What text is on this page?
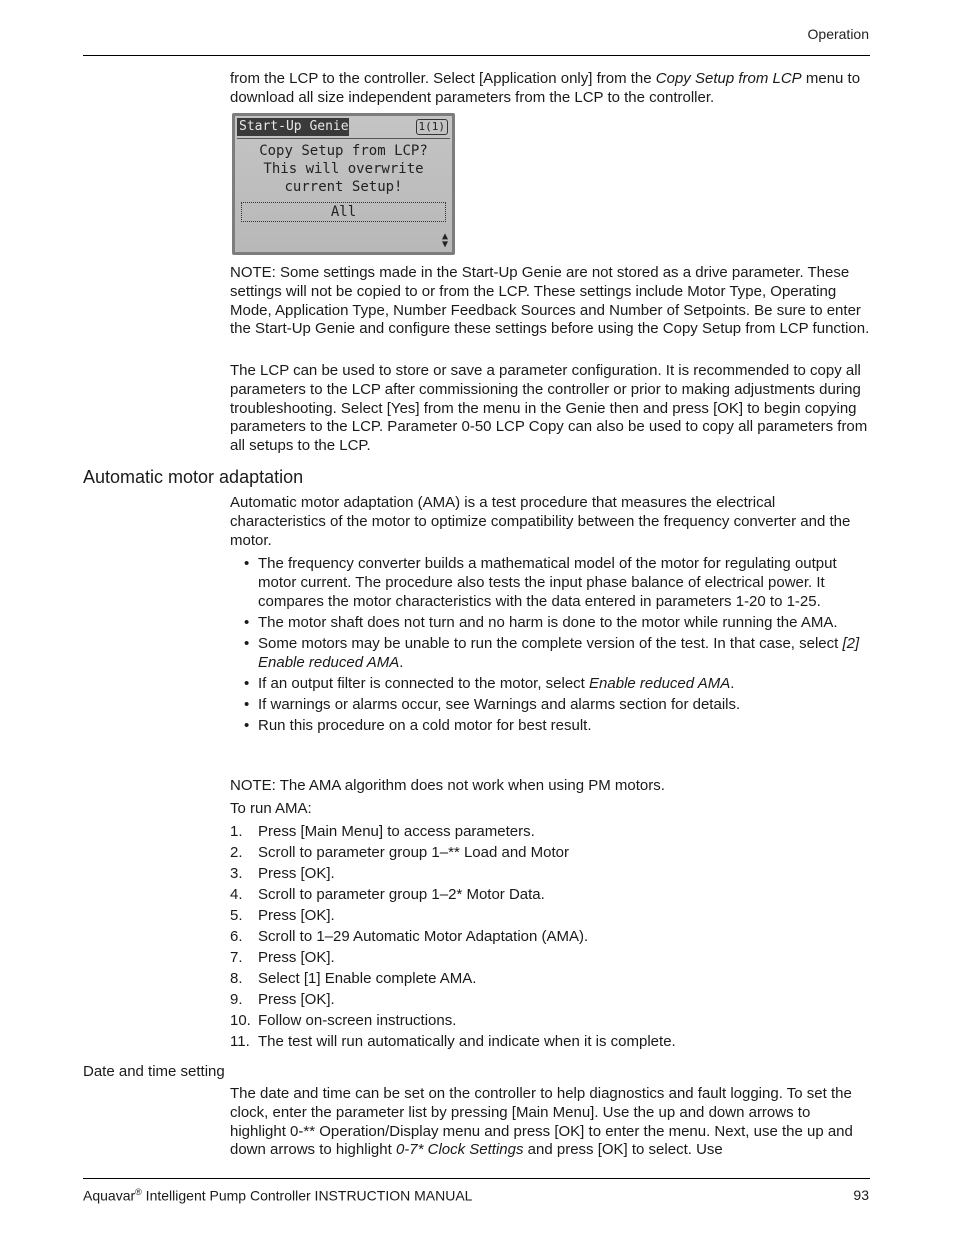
Operation

from the LCP to the controller. Select [Application only] from the Copy Setup from LCP menu to download all size independent parameters from the LCP to the controller.

Start-Up Genie	1(1)
Copy Setup from LCP?
This will overwrite
current Setup!
All
▲
▼

NOTE: Some settings made in the Start-Up Genie are not stored as a drive parameter. These settings will not be copied to or from the LCP. These settings include Motor Type, Operating Mode, Application Type, Number Feedback Sources and Number of Setpoints. Be sure to enter the Start-Up Genie and configure these settings before using the Copy Setup from LCP function.

The LCP can be used to store or save a parameter configuration. It is recommended to copy all parameters to the LCP after commissioning the controller or prior to making adjustments during troubleshooting. Select [Yes] from the menu in the Genie then and press [OK] to begin copying parameters to the LCP. Parameter 0-50 LCP Copy can also be used to copy all parameters from all setups to the LCP.

Automatic motor adaptation

Automatic motor adaptation (AMA) is a test procedure that measures the electrical characteristics of the motor to optimize compatibility between the frequency converter and the motor.

• The frequency converter builds a mathematical model of the motor for regulating output motor current. The procedure also tests the input phase balance of electrical power. It compares the motor characteristics with the data entered in parameters 1-20 to 1-25.
• The motor shaft does not turn and no harm is done to the motor while running the AMA.
• Some motors may be unable to run the complete version of the test. In that case, select [2] Enable reduced AMA.
• If an output filter is connected to the motor, select Enable reduced AMA.
• If warnings or alarms occur, see Warnings and alarms section for details.
• Run this procedure on a cold motor for best result.
NOTE: The AMA algorithm does not work when using PM motors.
To run AMA:
1. Press [Main Menu] to access parameters.
2. Scroll to parameter group 1–** Load and Motor
3. Press [OK].
4. Scroll to parameter group 1–2* Motor Data.
5. Press [OK].
6. Scroll to 1–29 Automatic Motor Adaptation (AMA).
7. Press [OK].
8. Select [1] Enable complete AMA.
9. Press [OK].
10. Follow on-screen instructions.
11. The test will run automatically and indicate when it is complete.
Date and time setting

The date and time can be set on the controller to help diagnostics and fault logging. To set the clock, enter the parameter list by pressing [Main Menu]. Use the up and down arrows to highlight 0-** Operation/Display menu and press [OK] to enter the menu. Next, use the up and down arrows to highlight 0-7* Clock Settings and press [OK] to select. Use

Aquavar® Intelligent Pump Controller INSTRUCTION MANUAL	93
